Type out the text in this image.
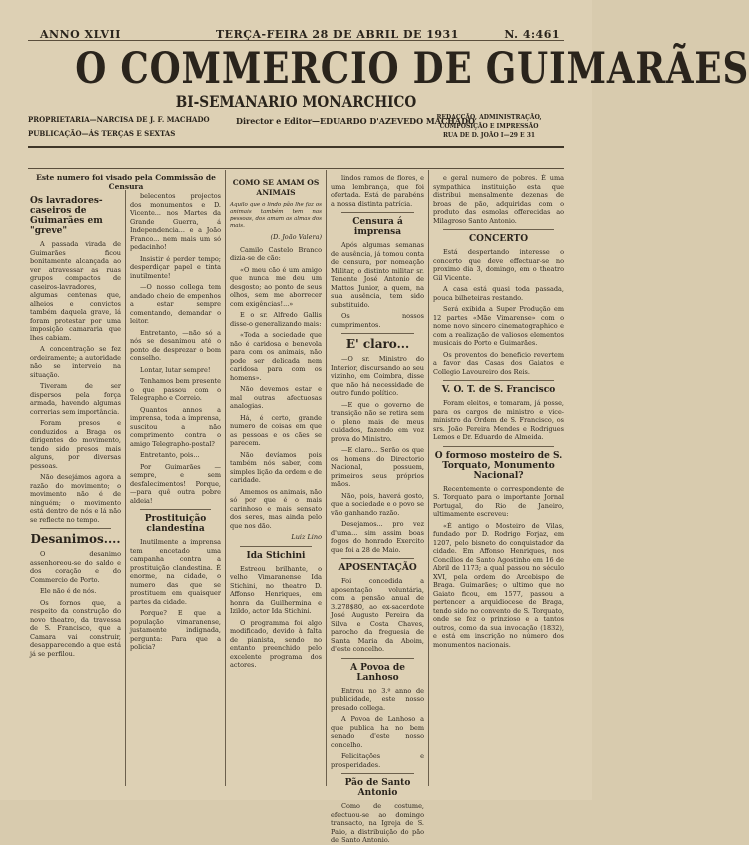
ANNO XLVII	TERÇA-FEIRA 28 DE ABRIL DE 1931	N. 4:461
O COMMERCIO DE GUIMARÃES
BI-SEMANARIO MONARCHICO
PROPRIETARIA—NARCISA DE J. F. MACHADO
PUBLICAÇÃO—ÁS TERÇAS E SEXTAS
Director e Editor—EDUARDO D'AZEVEDO MACHADO
REDACÇÃO, ADMINISTRAÇÃO, COMPOSIÇÃO E IMPRESSÃO
RUA DE D. JOÃO I—29 E 31
Este numero foi visado pela Commissão de Censura
Os lavradores-caseiros de Guimarães em "greve"

A passada virada de Guimarães ficou bonitamente alcançada ao ver atravessar as ruas grupos compactos de caseiros-lavradores, algumas centenas que, alheios e convictos também daquela grave, lá foram protestar por uma imposição camararia que lhes cabiam.

A concentração se fez ordeiramente; a autoridade não se interveio na situação.

Tiveram de ser dispersos pela força armada, havendo algumas correrias sem importância.

Foram presos e conduzidos a Braga os dirigentes do movimento, tendo sido presos mais alguns, por diversas pessoas.

Não desejámos agora a razão do movimento; o movimento não é de ninguém; o movimento está dentro de nós e lá não se reflecte no tempo.

Desanimos....

O desanimo assenhoreou-se do saldo e dos coração e do Commercio de Porto.

Ele não é de nós.

Os fornos que, a respeito da construção do novo theatro, da travessa de S. Francisco, que a Camara vai construir, desapparecendo a que está já se perfilou.

belecentos projectos dos monumentos e D. Vicente... nos Martes da Grande Guerra, á Independencia... e a João Franco... nem mais um só pedacinho!

Insistir é perder tempo; desperdiçar papel e tinta inutilmente!

—O nosso collega tem andado cheio de empenhos a estar sempre comentando, demandar o leitor.

Entretanto, —não só a nós se desanimou até o ponto de desprezar o bom conselho.

Lontar, lutar sempre!

Tenhamos bem presente o que passou com o Telegrapho e Correio.

Quantos annos a imprensa, toda a imprensa, suscitou a não comprimento contra o amigo Telegrapho-postal?

Entretanto, pois...

Por Guimarães — sempre, e sem desfalecimentos! Porque, —para quê outra pobre aldeia!

Prostituição clandestina

Inutilmente a imprensa tem encetado uma campanha contra a prostituição clandestina. É enorme, na cidade, o numero das que se prostituem em quaisquer partes da cidade.

Porque? E que a população vimaranense, justamente indignada, pergunta: Para que a policia?

COMO SE AMAM OS ANIMAIS

Aquilo que o lindo pão lhe faz os animais também tem nas pessoas, dos amam as almas dos mais.

(D. João Valera)

Camilo Castelo Branco dizia-se de cão:

«O meu cão é um amigo que nunca me deu um desgosto; ao ponto de seus olhos, sem me aborrecer com exigências!...»

E o sr. Alfredo Gallis disse-o generalizando mais:

«Toda a sociedade que não é caridosa e benevola para com os animais, não pode ser delicada nem caridosa para com os homens».

Não devemos estar e mal outras afectuosas analogias.

Há, é certo, grande numero de coisas em que as pessoas e os cães se parecem.

Não devíamos pois também nós saber, com simples lição da ordem e de caridade.

Amemos os animais, não só por que é o mais carinhoso e mais sensato dos seres, mas ainda pelo que nos dão.

Luiz Lino
Ida Stichini

Estreou brilhante, o velho Vimaranense Ida Stichini, no theatro D. Affonso Henriques, em honra da Guilhermina e Izildo, actor Ida Stichini.

O programma foi algo modificado, devido à falta de pianista, sendo no entanto preenchido pelo excelente programa dos actores.

lindos ramos de flores, e uma lembrança, que foi ofertada. Está de parabéns a nossa distinta patrícia.

Censura á imprensa

Após algumas semanas de ausência, já tomou conta de censura, por nomeação Militar, o distinto militar sr. Tenente José Antonio de Mattos Junior, a quem, na sua ausência, tem sido substituido.

Os nossos cumprimentos.

E' claro...

—O sr. Ministro do Interior, discursando ao seu vizinho, em Coimbra, disse que não há necessidade de outro fundo político.

—E que o governo de transição não se retira sem o pleno mais de meus cuidados, fazendo em voz prova do Ministro.

—E claro... Serão os que os homens do Directorio Nacional, possuem, primeiros seus próprios mãos.

Não, pois, haverá gosto, que a sociedade e o povo se vão ganhando razão.

Desejamos... pro vez d'uma... sim assim boas fogos do honrado Exercito que foi a 28 de Maio.

APOSENTAÇÃO

Foi concedida a aposentação voluntária, com a pensão anual de 3.278$80, ao ex-sacerdote José Augusto Pereira da Silva e Costa Chaves, parocho da freguesia de Santa Maria da Aboim, d'este concelho.

A Povoa de Lanhoso

Entrou no 3.º anno de publicidade, este nosso presado collega.

A Povoa de Lanhoso a que publica ha no bem senado d'este nosso concelho.

Felicitações e prosperidades.

Pão de Santo Antonio

Como de costume, efectuou-se ao domingo transacto, na Igreja de S. Paio, a distribuição do pão de Santo Antonio.

e geral numero de pobres. É uma sympathica instituição esta que distribui mensalmente dezenas de broas de pão, adquiridas com o produto das esmolas offerecidas ao Milagroso Santo Antonio.

CONCERTO

Está despertando interesse o concerto que deve effectuar-se no proximo dia 3, domingo, em o theatro Gil Vicente.

A casa está quasi toda passada, pouca bilheteiras restando.

Será exibida a Super Produção em 12 partes «Mãe Vimarense» com o nome novo sincero cinematographico e com a realização de valiosos elementos musicais do Porto e Guimarães.

Os proventos do beneficio revertem a favor das Casas dos Gaiatos e Collegio Lavoureiro dos Reis.

V. O. T. de S. Francisco

Foram eleitos, e tomaram, já posse, para os cargos de ministro e vice-ministro da Ordem de S. Francisco, os srs. João Pereira Mendes e Rodrigues Lemos e Dr. Eduardo de Almeida.

O formoso mosteiro de S. Torquato, Monumento Nacional?

Recentemente o correspondente de S. Torquato para o importante Jornal Portugal, do Rio de Janeiro, ultimamente escreveu:

«É antigo o Mosteiro de Vilas, fundado por D. Rodrigo Forjaz, em 1207, pelo bisneto do conquistador da cidade. Em Affonso Henriques, nos Concílios de Santo Agostinho em 16 de Abril de 1173; a qual passou no século XVI, pela ordem do Arcebispo de Braga. Guimarães; o ultimo que no Gaiato ficou, em 1577, passou a pertencer a arquidiocese de Braga, tendo sido no convento de S. Torquato, onde se fez o prinzioso e a tantos outros, como da sua invocação (1832), e está em inscrição no número dos monumentos nacionais.
